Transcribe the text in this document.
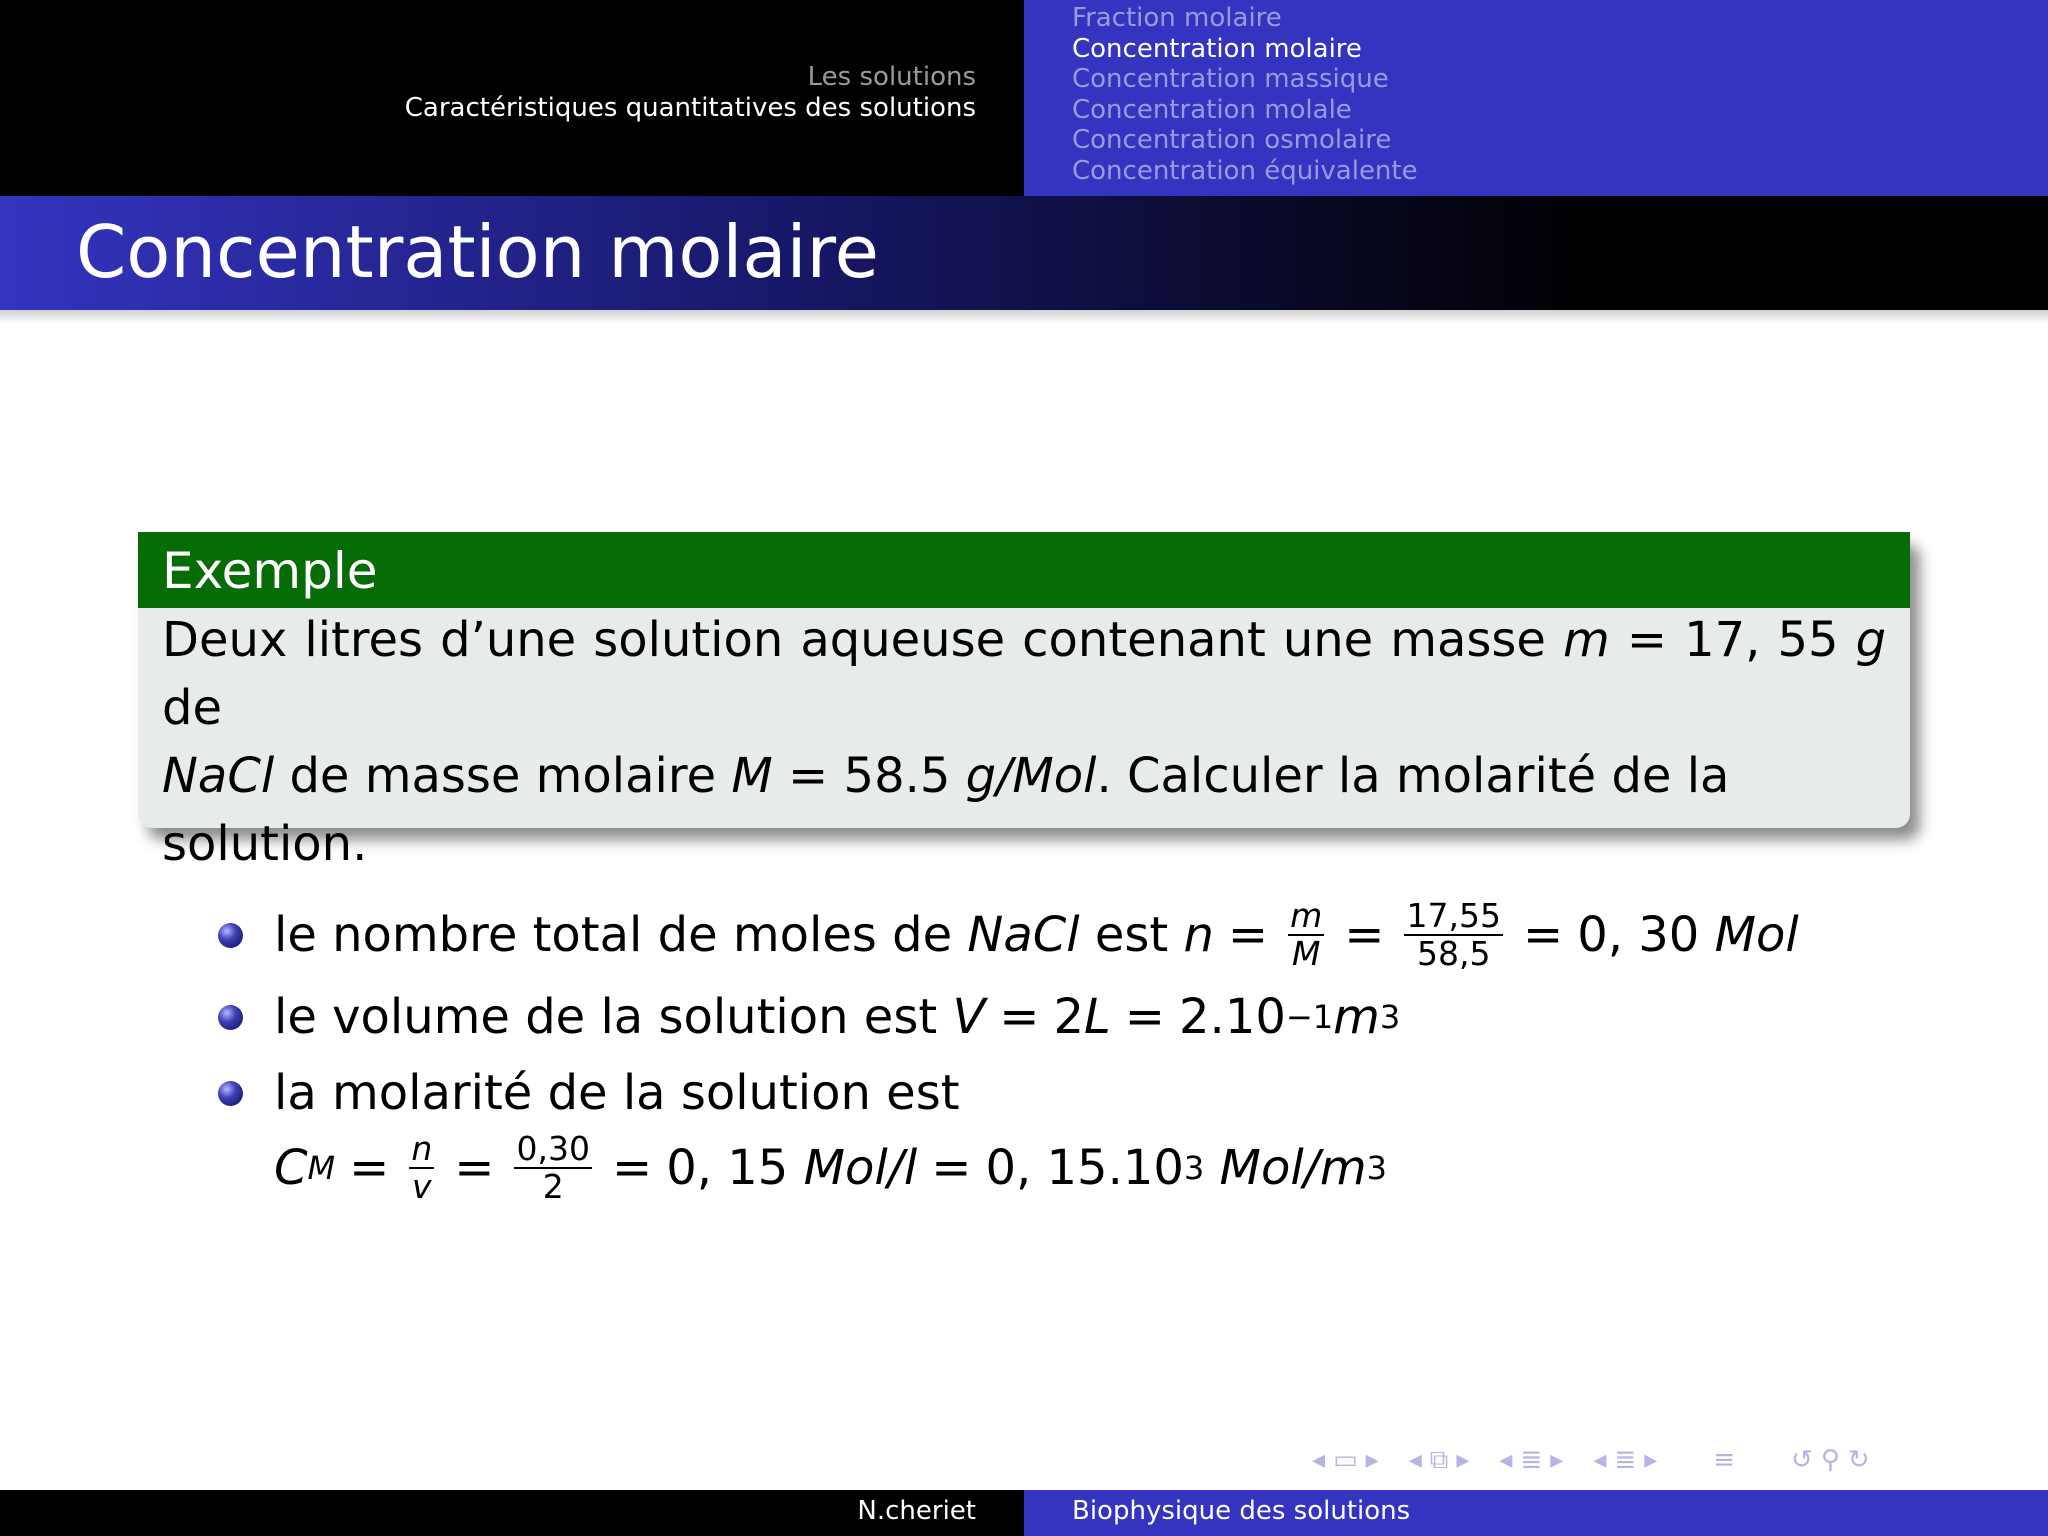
Les solutions
Caractéristiques quantitatives des solutions
Fraction molaire
Concentration molaire
Concentration massique
Concentration molale
Concentration osmolaire
Concentration équivalente
Concentration molaire
Exemple
Deux litres d’une solution aqueuse contenant une masse m = 17, 55 g de
NaCl de masse molaire M = 58.5 g/Mol. Calculer la molarité de la
solution.
le nombre total de moles de
NaCl
est
$n = \frac{m}{M} = \frac{17,55}{58,5} = 0$, 30
Mol
le volume de la solution est
V = 2 L = 2.10 −1 m 3
la molarité de la solution est
C $M = \frac{n}{v} = \frac{0,30}{2} = 0$, 15
Mol/l = 0, 15.10 3
Mol/m 3
◂ ▭ ▸ ◂ ⧉ ▸ ◂ ≣ ▸ ◂ ≣ ▸ ≡ ↺ ⚲ ↻
N.cheriet	Biophysique des solutions
